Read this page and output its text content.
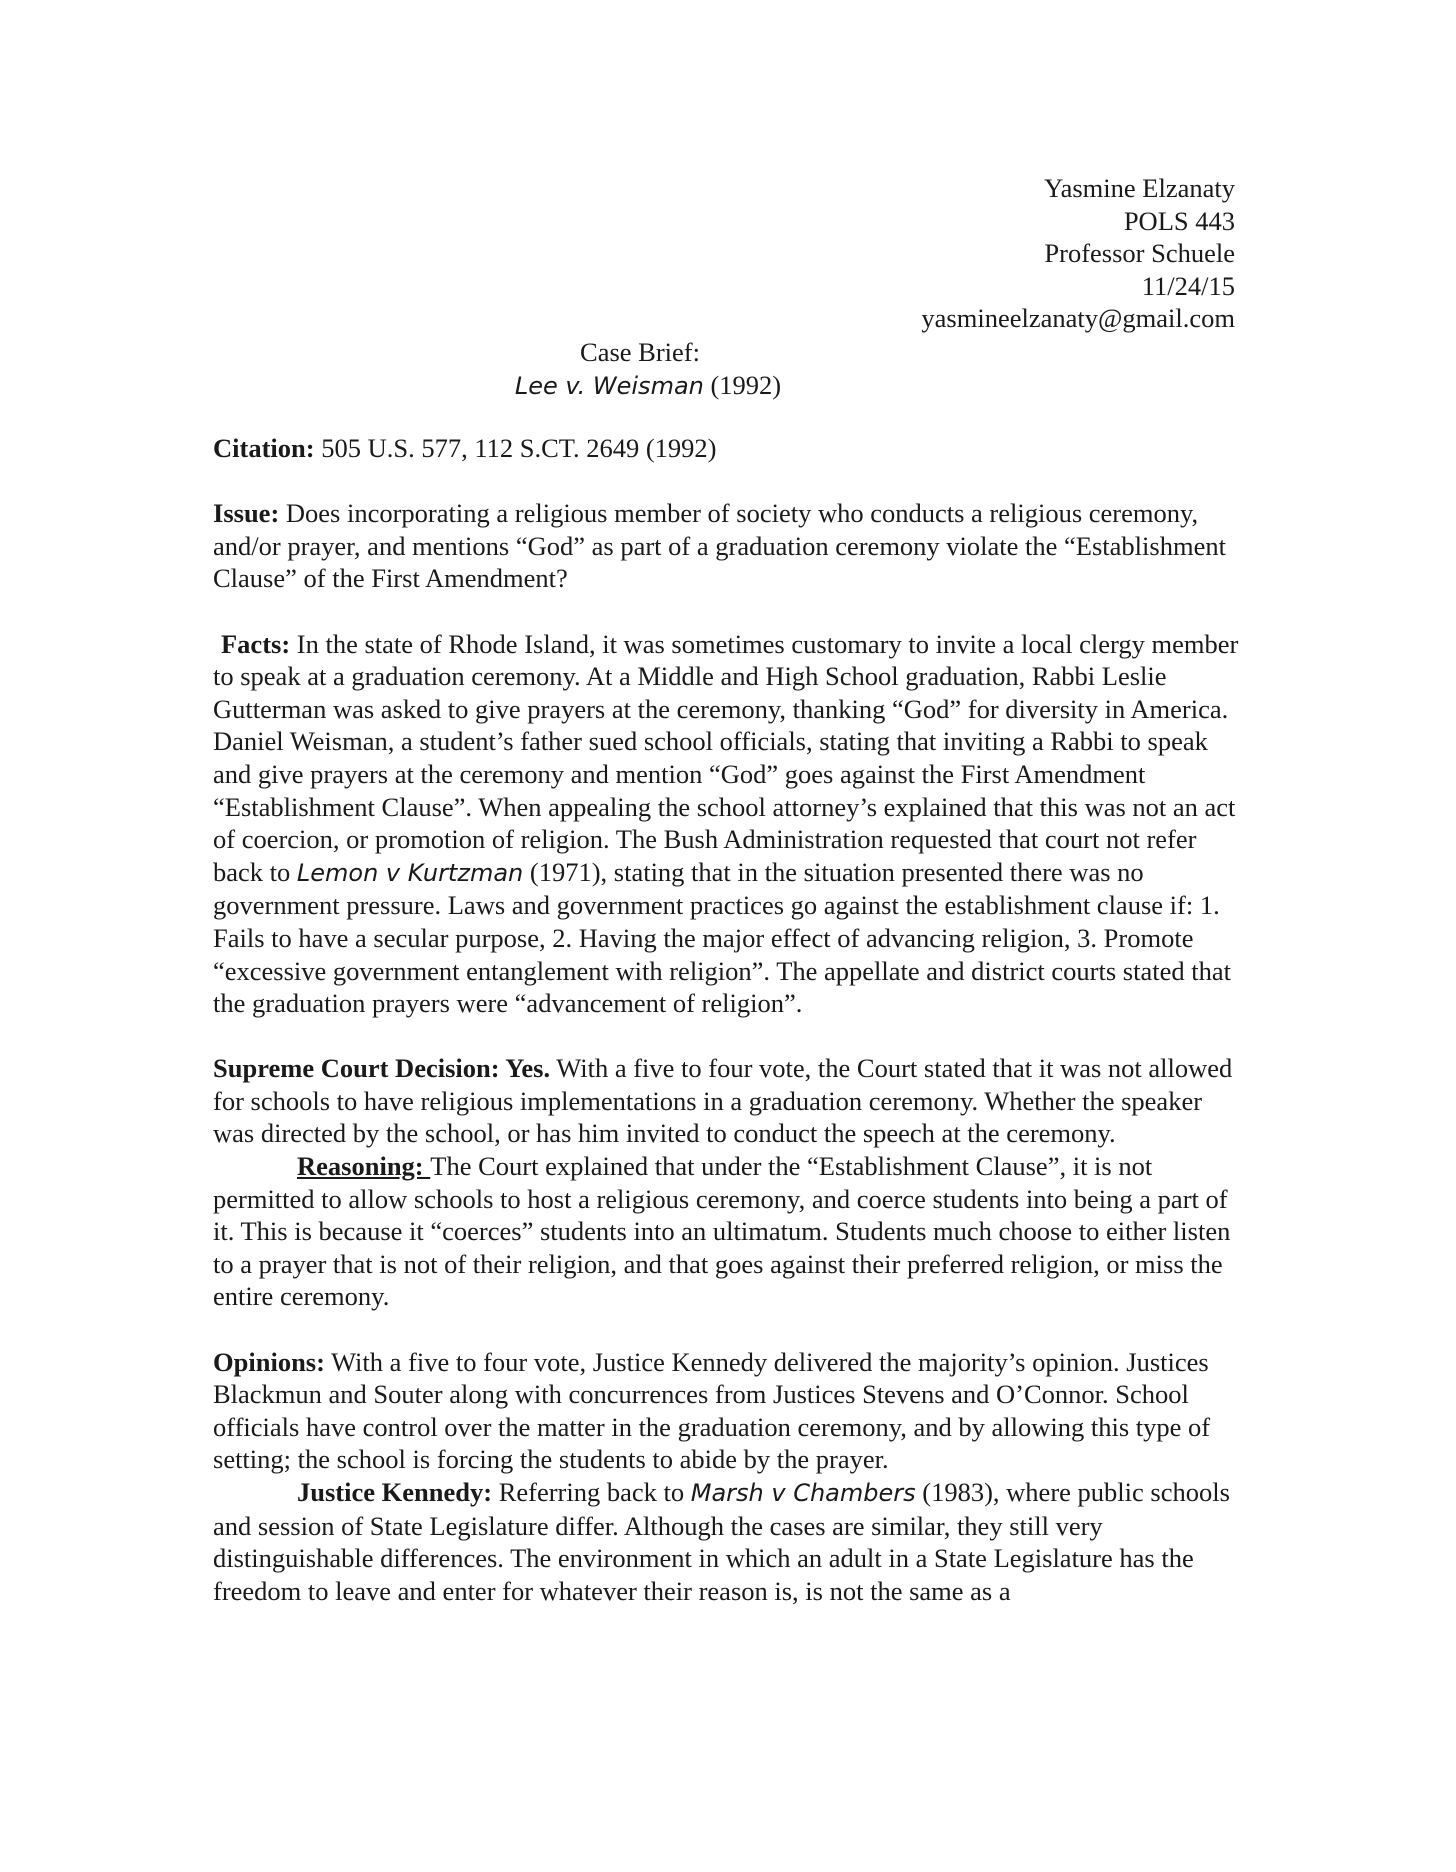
Yasmine Elzanaty
POLS 443
Professor Schuele
11/24/15
yasmineelzanaty@gmail.com
Case Brief:
Lee v. Weisman (1992)

Citation: 505 U.S. 577, 112 S.CT. 2649 (1992)

Issue: Does incorporating a religious member of society who conducts a religious ceremony, and/or prayer, and mentions “God” as part of a graduation ceremony violate the “Establishment Clause” of the First Amendment?

Facts: In the state of Rhode Island, it was sometimes customary to invite a local clergy member to speak at a graduation ceremony. At a Middle and High School graduation, Rabbi Leslie Gutterman was asked to give prayers at the ceremony, thanking “God” for diversity in America. Daniel Weisman, a student’s father sued school officials, stating that inviting a Rabbi to speak and give prayers at the ceremony and mention “God” goes against the First Amendment “Establishment Clause”. When appealing the school attorney’s explained that this was not an act of coercion, or promotion of religion. The Bush Administration requested that court not refer back to Lemon v Kurtzman (1971), stating that in the situation presented there was no government pressure. Laws and government practices go against the establishment clause if: 1. Fails to have a secular purpose, 2. Having the major effect of advancing religion, 3. Promote “excessive government entanglement with religion”. The appellate and district courts stated that the graduation prayers were “advancement of religion”.

Supreme Court Decision: Yes. With a five to four vote, the Court stated that it was not allowed for schools to have religious implementations in a graduation ceremony. Whether the speaker was directed by the school, or has him invited to conduct the speech at the ceremony.

Reasoning: The Court explained that under the “Establishment Clause”, it is not permitted to allow schools to host a religious ceremony, and coerce students into being a part of it. This is because it “coerces” students into an ultimatum. Students much choose to either listen to a prayer that is not of their religion, and that goes against their preferred religion, or miss the entire ceremony.

Opinions: With a five to four vote, Justice Kennedy delivered the majority’s opinion. Justices Blackmun and Souter along with concurrences from Justices Stevens and O’Connor. School officials have control over the matter in the graduation ceremony, and by allowing this type of setting; the school is forcing the students to abide by the prayer.

Justice Kennedy: Referring back to Marsh v Chambers (1983), where public schools and session of State Legislature differ. Although the cases are similar, they still very distinguishable differences. The environment in which an adult in a State Legislature has the freedom to leave and enter for whatever their reason is, is not the same as a
